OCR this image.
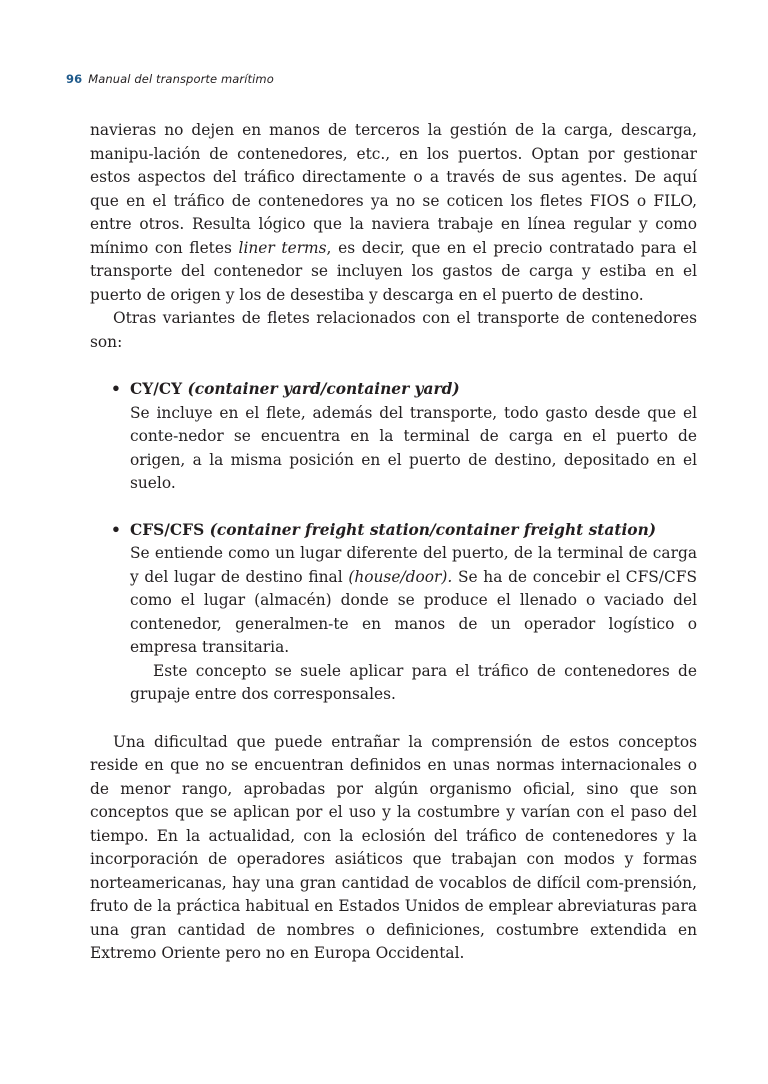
96 Manual del transporte marítimo

navieras no dejen en manos de terceros la gestión de la carga, descarga, manipu-lación de contenedores, etc., en los puertos. Optan por gestionar estos aspectos del tráfico directamente o a través de sus agentes. De aquí que en el tráfico de contenedores ya no se coticen los fletes FIOS o FILO, entre otros. Resulta lógico que la naviera trabaje en línea regular y como mínimo con fletes liner terms, es decir, que en el precio contratado para el transporte del contenedor se incluyen los gastos de carga y estiba en el puerto de origen y los de desestiba y descarga en el puerto de destino.

Otras variantes de fletes relacionados con el transporte de contenedores son:

• CY/CY (container yard/container yard)

Se incluye en el flete, además del transporte, todo gasto desde que el conte-nedor se encuentra en la terminal de carga en el puerto de origen, a la misma posición en el puerto de destino, depositado en el suelo.

• CFS/CFS (container freight station/container freight station)

Se entiende como un lugar diferente del puerto, de la terminal de carga y del lugar de destino final (house/door). Se ha de concebir el CFS/CFS como el lugar (almacén) donde se produce el llenado o vaciado del contenedor, generalmen-te en manos de un operador logístico o empresa transitaria.

Este concepto se suele aplicar para el tráfico de contenedores de grupaje entre dos corresponsales.

Una dificultad que puede entrañar la comprensión de estos conceptos reside en que no se encuentran definidos en unas normas internacionales o de menor rango, aprobadas por algún organismo oficial, sino que son conceptos que se aplican por el uso y la costumbre y varían con el paso del tiempo. En la actualidad, con la eclosión del tráfico de contenedores y la incorporación de operadores asiáticos que trabajan con modos y formas norteamericanas, hay una gran cantidad de vocablos de difícil com-prensión, fruto de la práctica habitual en Estados Unidos de emplear abreviaturas para una gran cantidad de nombres o definiciones, costumbre extendida en Extremo Oriente pero no en Europa Occidental.
